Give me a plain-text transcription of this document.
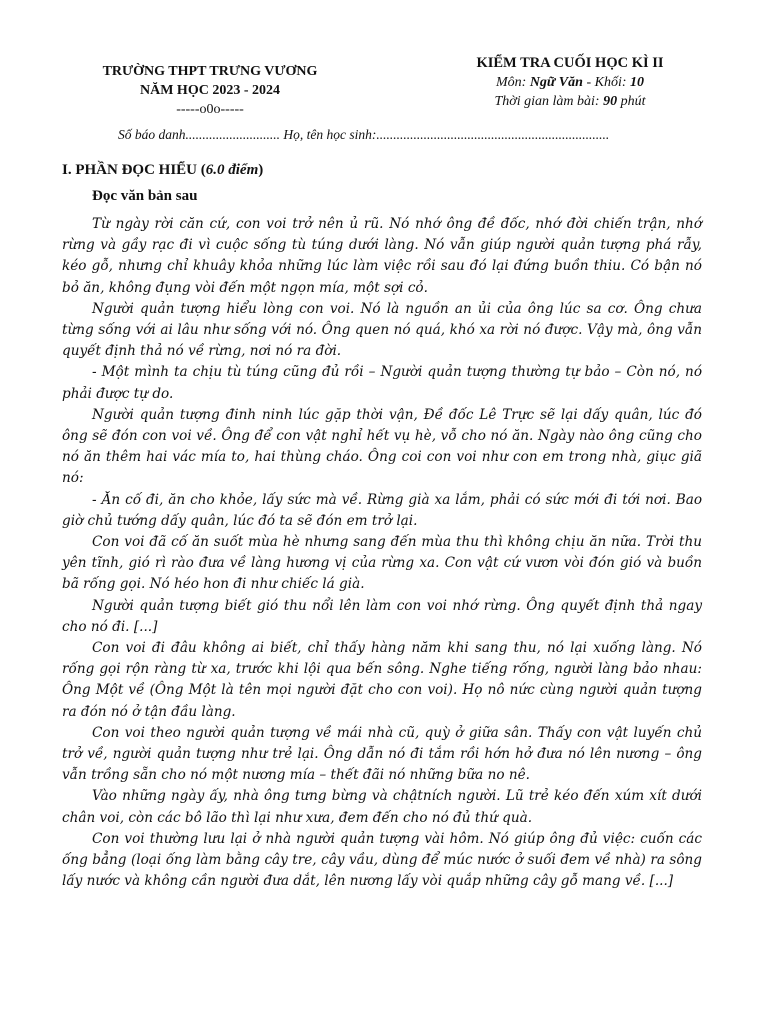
TRƯỜNG THPT TRƯNG VƯƠNG
NĂM HỌC 2023 - 2024
-----o0o-----
KIỂM TRA CUỐI HỌC KÌ II
Môn: Ngữ Văn - Khối: 10
Thời gian làm bài: 90 phút
Số báo danh............................ Họ, tên học sinh:.....................................................................
I. PHẦN ĐỌC HIỂU (6.0 điểm)
Đọc văn bản sau

Từ ngày rời căn cứ, con voi trở nên ủ rũ. Nó nhớ ông đề đốc, nhớ đời chiến trận, nhớ rừng và gầy rạc đi vì cuộc sống tù túng dưới làng. Nó vẫn giúp người quản tượng phá rẫy, kéo gỗ, nhưng chỉ khuây khỏa những lúc làm việc rồi sau đó lại đứng buồn thiu. Có bận nó bỏ ăn, không đụng vòi đến một ngọn mía, một sợi cỏ.

Người quản tượng hiểu lòng con voi. Nó là nguồn an ủi của ông lúc sa cơ. Ông chưa từng sống với ai lâu như sống với nó. Ông quen nó quá, khó xa rời nó được. Vậy mà, ông vẫn quyết định thả nó về rừng, nơi nó ra đời.

- Một mình ta chịu tù túng cũng đủ rồi – Người quản tượng thường tự bảo – Còn nó, nó phải được tự do.

Người quản tượng đinh ninh lúc gặp thời vận, Đề đốc Lê Trực sẽ lại dấy quân, lúc đó ông sẽ đón con voi về. Ông để con vật nghỉ hết vụ hè, vỗ cho nó ăn. Ngày nào ông cũng cho nó ăn thêm hai vác mía to, hai thùng cháo. Ông coi con voi như con em trong nhà, giục giã nó:

- Ăn cố đi, ăn cho khỏe, lấy sức mà về. Rừng già xa lắm, phải có sức mới đi tới nơi. Bao giờ chủ tướng dấy quân, lúc đó ta sẽ đón em trở lại.

Con voi đã cố ăn suốt mùa hè nhưng sang đến mùa thu thì không chịu ăn nữa. Trời thu yên tĩnh, gió rì rào đưa về làng hương vị của rừng xa. Con vật cứ vươn vòi đón gió và buồn bã rống gọi. Nó héo hon đi như chiếc lá già.

Người quản tượng biết gió thu nổi lên làm con voi nhớ rừng. Ông quyết định thả ngay cho nó đi. [...]

Con voi đi đâu không ai biết, chỉ thấy hàng năm khi sang thu, nó lại xuống làng. Nó rống gọi rộn ràng từ xa, trước khi lội qua bến sông. Nghe tiếng rống, người làng bảo nhau: Ông Một về (Ông Một là tên mọi người đặt cho con voi). Họ nô nức cùng người quản tượng ra đón nó ở tận đầu làng.

Con voi theo người quản tượng về mái nhà cũ, quỳ ở giữa sân. Thấy con vật luyến chủ trở về, người quản tượng như trẻ lại. Ông dẫn nó đi tắm rồi hớn hở đưa nó lên nương – ông vẫn trồng sẵn cho nó một nương mía – thết đãi nó những bữa no nê.

Vào những ngày ấy, nhà ông tưng bừng và chậtních người. Lũ trẻ kéo đến xúm xít dưới chân voi, còn các bô lão thì lại như xưa, đem đến cho nó đủ thứ quà.

Con voi thường lưu lại ở nhà người quản tượng vài hôm. Nó giúp ông đủ việc: cuốn các ống bẳng (loại ống làm bằng cây tre, cây vầu, dùng để múc nước ở suối đem về nhà) ra sông lấy nước và không cần người đưa dắt, lên nương lấy vòi quắp những cây gỗ mang về. [...]
